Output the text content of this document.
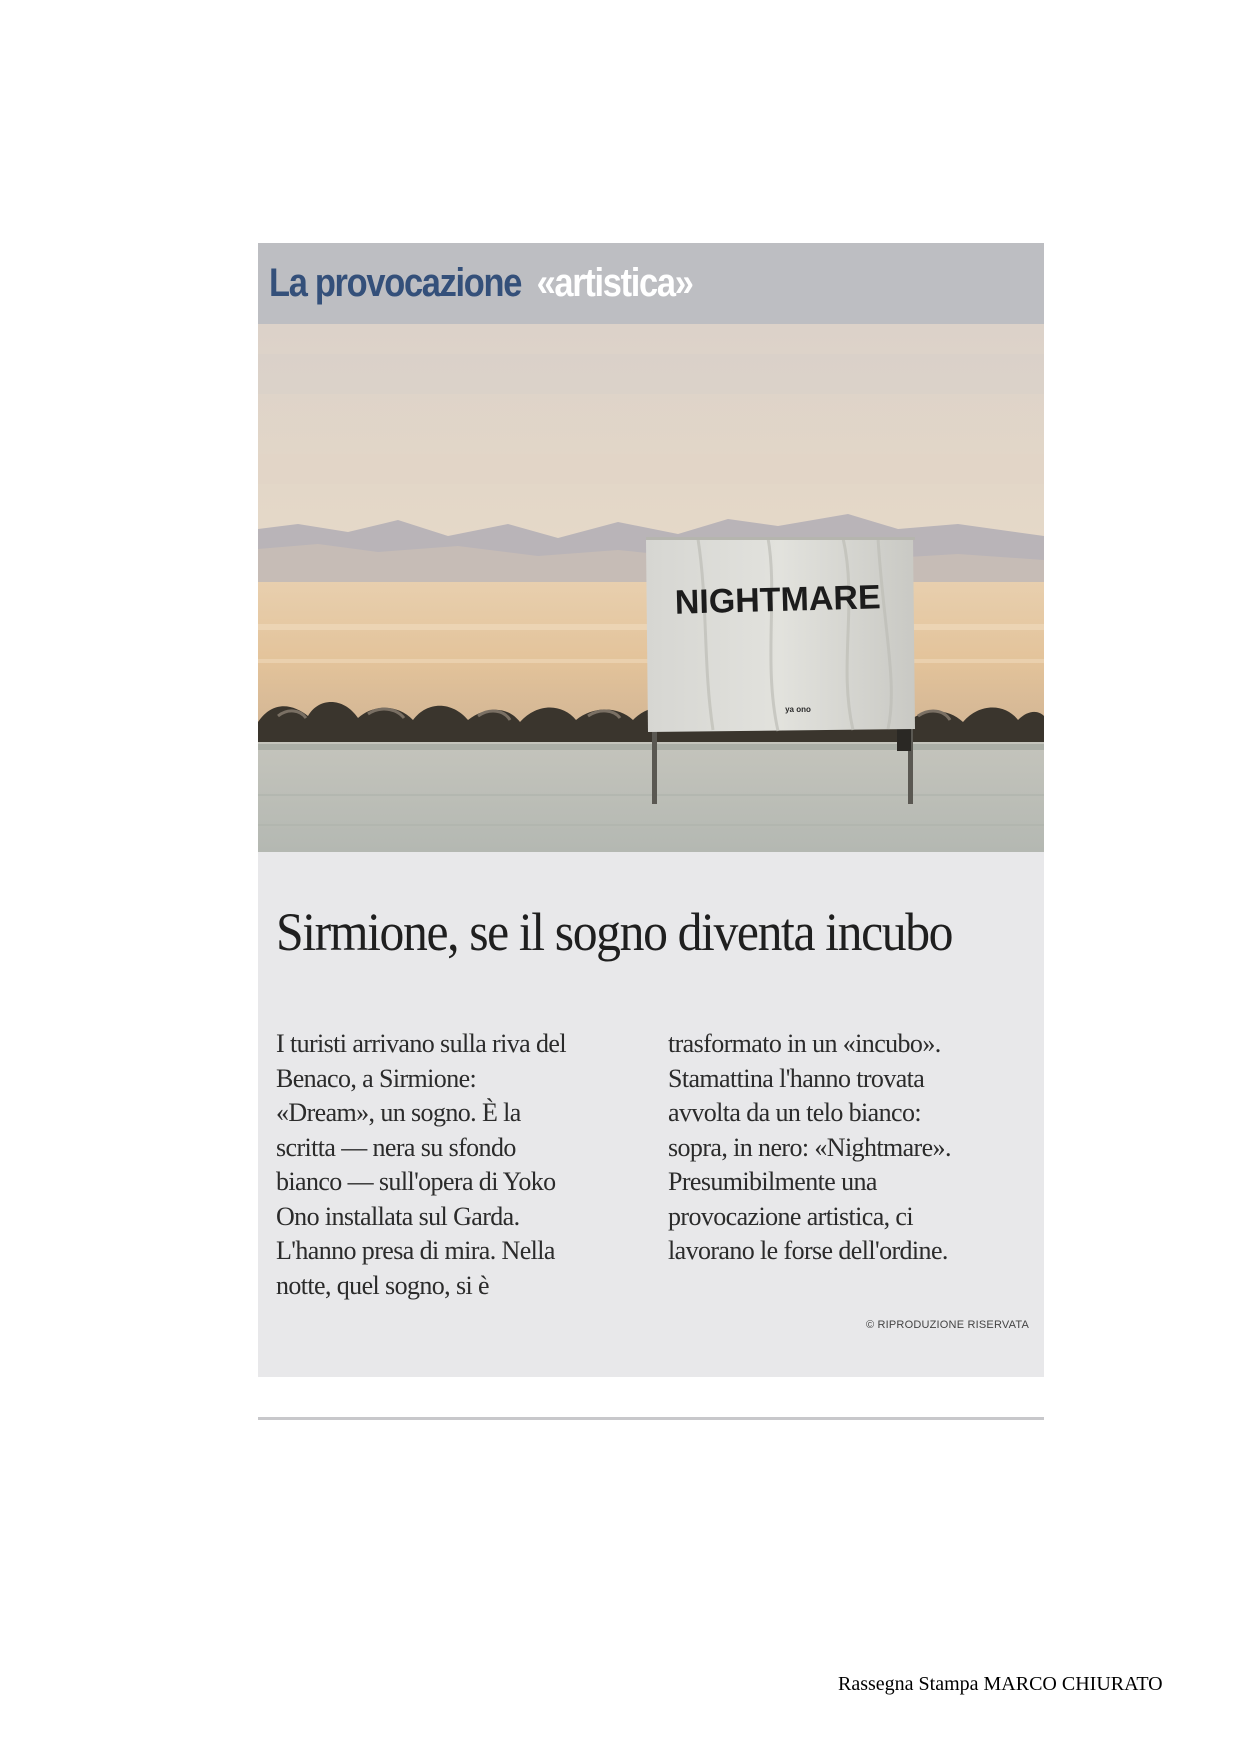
La provocazione «artistica»
NIGHTMARE
ya ono
Sirmione, se il sogno diventa incubo
I turisti arrivano sulla riva del
Benaco, a Sirmione:
«Dream», un sogno. È la
scritta — nera su sfondo
bianco — sull'opera di Yoko
Ono installata sul Garda.
L'hanno presa di mira. Nella
notte, quel sogno, si è
trasformato in un «incubo».
Stamattina l'hanno trovata
avvolta da un telo bianco:
sopra, in nero: «Nightmare».
Presumibilmente una
provocazione artistica, ci
lavorano le forse dell'ordine.
© RIPRODUZIONE RISERVATA
Rassegna Stampa MARCO CHIURATO
